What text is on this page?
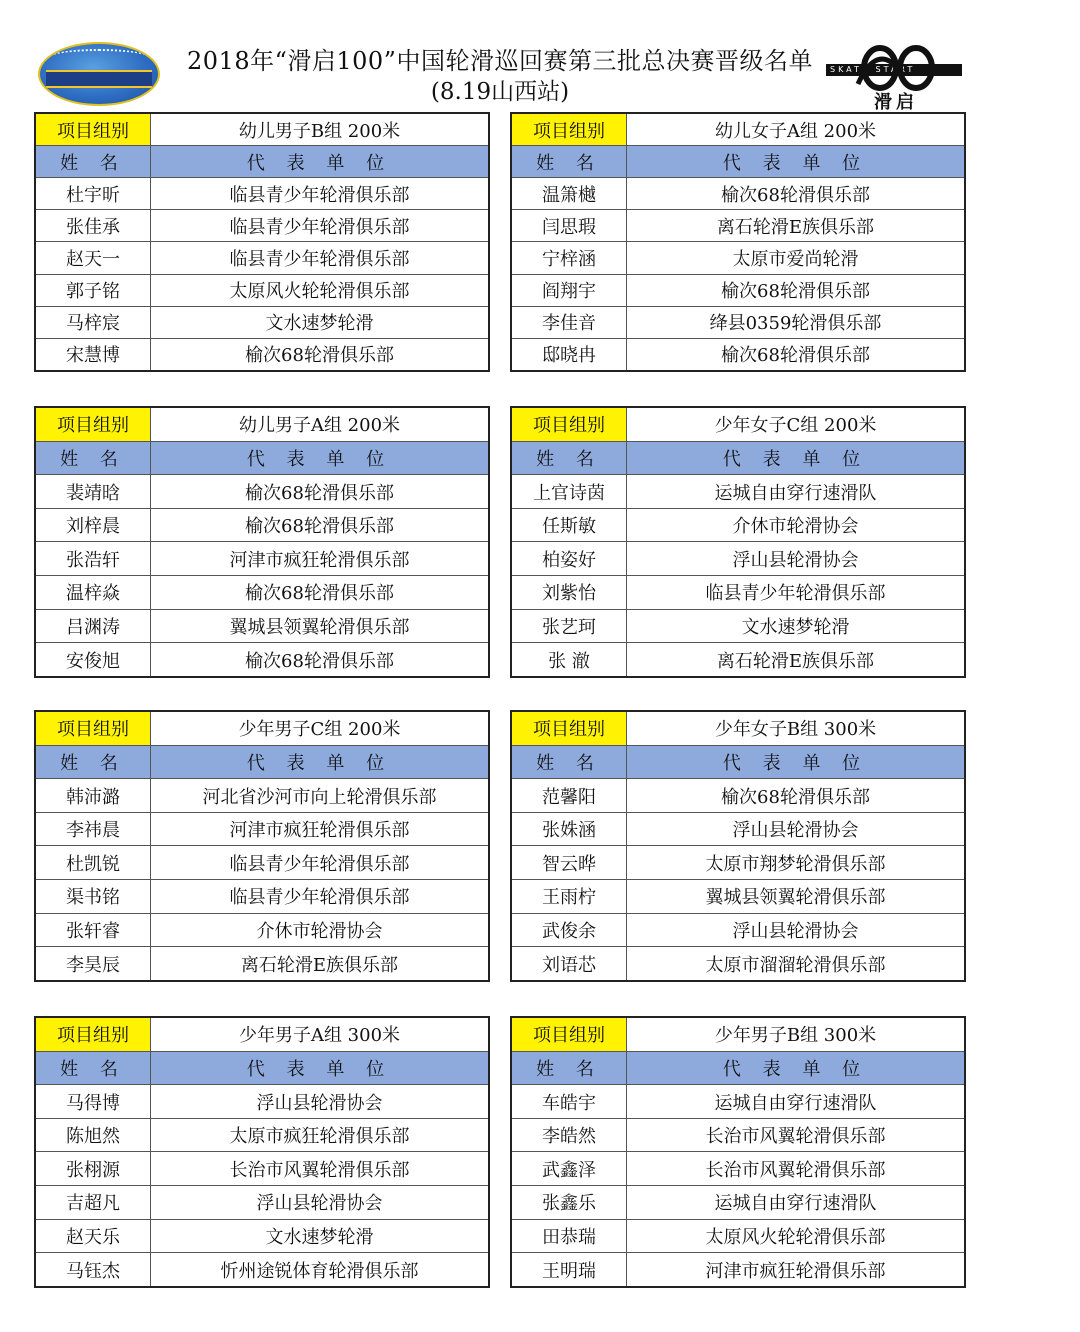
2018年“滑启100”中国轮滑巡回赛第三批总决赛晋级名单
(8.19山西站)
SKATE START
滑启
项目组别	幼儿男子B组 200米
姓 名	代 表 单 位
杜宇昕	临县青少年轮滑俱乐部
张佳承	临县青少年轮滑俱乐部
赵天一	临县青少年轮滑俱乐部
郭子铭	太原风火轮轮滑俱乐部
马梓宸	文水速梦轮滑
宋慧博	榆次68轮滑俱乐部
项目组别	幼儿女子A组 200米
姓 名	代 表 单 位
温箫樾	榆次68轮滑俱乐部
闫思瑕	离石轮滑E族俱乐部
宁梓涵	太原市爱尚轮滑
阎翔宇	榆次68轮滑俱乐部
李佳音	绛县0359轮滑俱乐部
邸晓冉	榆次68轮滑俱乐部
项目组别	幼儿男子A组 200米
姓 名	代 表 单 位
裴靖晗	榆次68轮滑俱乐部
刘梓晨	榆次68轮滑俱乐部
张浩轩	河津市疯狂轮滑俱乐部
温梓焱	榆次68轮滑俱乐部
吕渊涛	翼城县领翼轮滑俱乐部
安俊旭	榆次68轮滑俱乐部
项目组别	少年女子C组 200米
姓 名	代 表 单 位
上官诗茵	运城自由穿行速滑队
任斯敏	介休市轮滑协会
柏姿好	浮山县轮滑协会
刘紫怡	临县青少年轮滑俱乐部
张艺珂	文水速梦轮滑
张 澈	离石轮滑E族俱乐部
项目组别	少年男子C组 200米
姓 名	代 表 单 位
韩沛潞	河北省沙河市向上轮滑俱乐部
李祎晨	河津市疯狂轮滑俱乐部
杜凯锐	临县青少年轮滑俱乐部
渠书铭	临县青少年轮滑俱乐部
张轩睿	介休市轮滑协会
李昊辰	离石轮滑E族俱乐部
项目组别	少年女子B组 300米
姓 名	代 表 单 位
范馨阳	榆次68轮滑俱乐部
张姝涵	浮山县轮滑协会
智云晔	太原市翔梦轮滑俱乐部
王雨柠	翼城县领翼轮滑俱乐部
武俊余	浮山县轮滑协会
刘语芯	太原市溜溜轮滑俱乐部
项目组别	少年男子A组 300米
姓 名	代 表 单 位
马得博	浮山县轮滑协会
陈旭然	太原市疯狂轮滑俱乐部
张栩源	长治市风翼轮滑俱乐部
吉超凡	浮山县轮滑协会
赵天乐	文水速梦轮滑
马钰杰	忻州途锐体育轮滑俱乐部
项目组别	少年男子B组 300米
姓 名	代 表 单 位
车皓宇	运城自由穿行速滑队
李皓然	长治市风翼轮滑俱乐部
武鑫泽	长治市风翼轮滑俱乐部
张鑫乐	运城自由穿行速滑队
田恭瑞	太原风火轮轮滑俱乐部
王明瑞	河津市疯狂轮滑俱乐部
